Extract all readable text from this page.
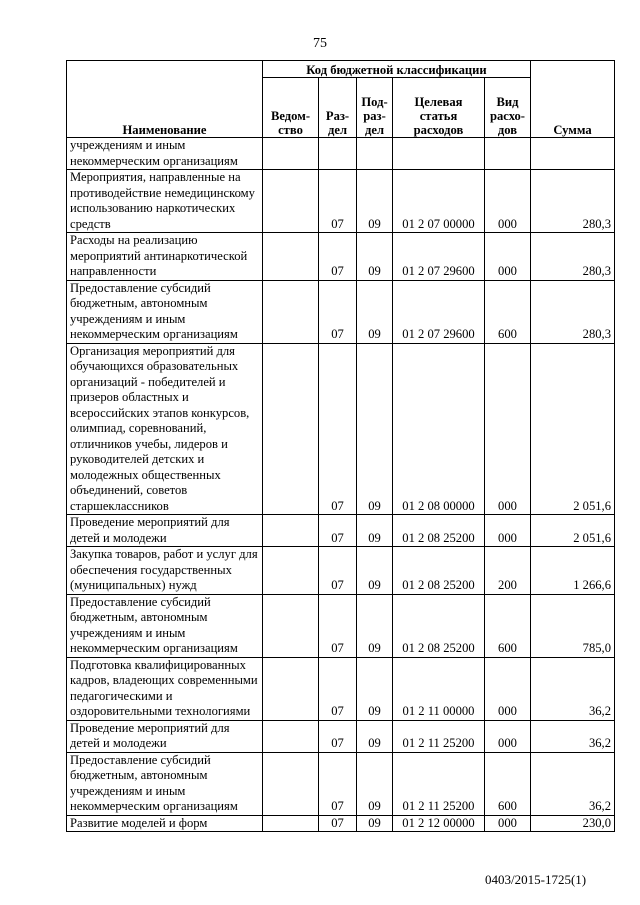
75
Наименование	Код бюджетной классификации					Сумма
	Ведом-ство	Раз-дел	Под-раз-дел	Целевая статья расходов	Вид расхо-дов	
учреждениям и иным некоммерческим организациям						
Мероприятия, направленные на противодействие немедицинскому использованию наркотических средств		07	09	01 2 07 00000	000	280,3
Расходы на реализацию мероприятий антинаркотической направленности		07	09	01 2 07 29600	000	280,3
Предоставление субсидий бюджетным, автономным учреждениям и иным некоммерческим организациям		07	09	01 2 07 29600	600	280,3
Организация мероприятий для обучающихся образовательных организаций - победителей и призеров областных и всероссийских этапов конкурсов, олимпиад, соревнований, отличников учебы, лидеров и руководителей детских и молодежных общественных объединений, советов старшеклассников		07	09	01 2 08 00000	000	2 051,6
Проведение мероприятий для детей и молодежи		07	09	01 2 08 25200	000	2 051,6
Закупка товаров, работ и услуг для обеспечения государственных (муниципальных) нужд		07	09	01 2 08 25200	200	1 266,6
Предоставление субсидий бюджетным, автономным учреждениям и иным некоммерческим организациям		07	09	01 2 08 25200	600	785,0
Подготовка квалифицированных кадров, владеющих современными педагогическими и оздоровительными технологиями		07	09	01 2 11 00000	000	36,2
Проведение мероприятий для детей и молодежи		07	09	01 2 11 25200	000	36,2
Предоставление субсидий бюджетным, автономным учреждениям и иным некоммерческим организациям		07	09	01 2 11 25200	600	36,2
Развитие моделей и форм		07	09	01 2 12 00000	000	230,0
0403/2015-1725(1)
